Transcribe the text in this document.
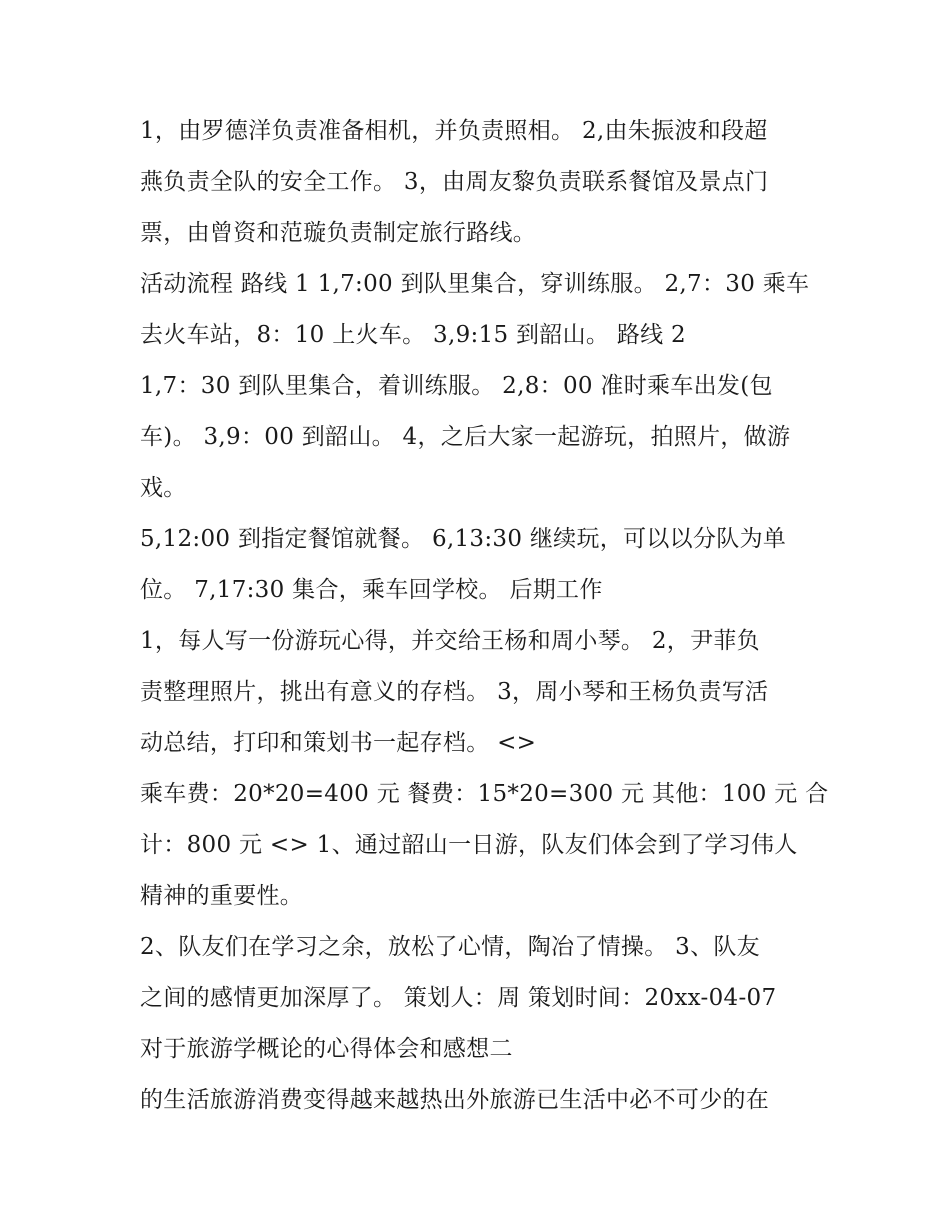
1，由罗德洋负责准备相机，并负责照相。 2,由朱振波和段超
燕负责全队的安全工作。 3，由周友黎负责联系餐馆及景点门
票，由曾资和范璇负责制定旅行路线。
活动流程 路线 1 1,7:00 到队里集合，穿训练服。 2,7：30 乘车
去火车站，8：10 上火车。 3,9:15 到韶山。 路线 2
1,7：30 到队里集合，着训练服。 2,8：00 准时乘车出发(包
车)。 3,9：00 到韶山。 4，之后大家一起游玩，拍照片，做游
戏。
5,12:00 到指定餐馆就餐。 6,13:30 继续玩，可以以分队为单
位。 7,17:30 集合，乘车回学校。 后期工作
1，每人写一份游玩心得，并交给王杨和周小琴。 2，尹菲负
责整理照片，挑出有意义的存档。 3，周小琴和王杨负责写活
动总结，打印和策划书一起存档。 <>
乘车费：20*20=400 元 餐费：15*20=300 元 其他：100 元 合
计：800 元 <> 1、通过韶山一日游，队友们体会到了学习伟人
精神的重要性。
2、队友们在学习之余，放松了心情，陶冶了情操。 3、队友
之间的感情更加深厚了。 策划人：周 策划时间：20xx-04-07
对于旅游学概论的心得体会和感想二
的生活旅游消费变得越来越热出外旅游已生活中必不可少的在
